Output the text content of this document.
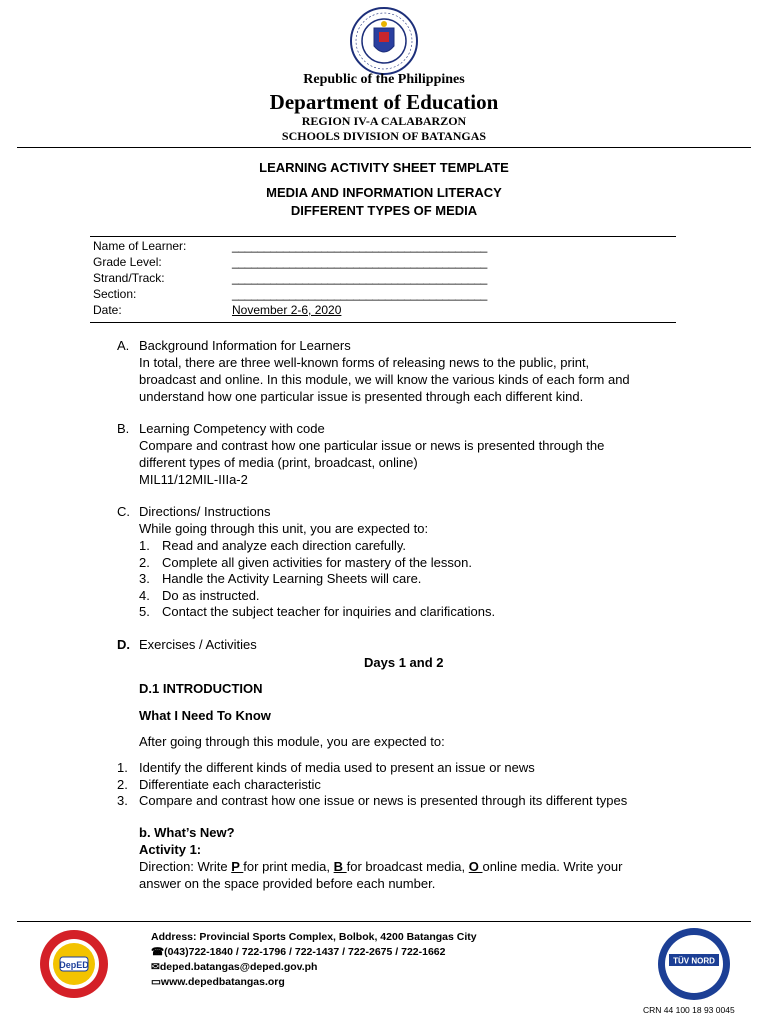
Republic of the Philippines
Department of Education
REGION IV-A CALABARZON
SCHOOLS DIVISION OF BATANGAS
LEARNING ACTIVITY SHEET TEMPLATE
MEDIA AND INFORMATION LITERACY
DIFFERENT TYPES OF MEDIA
Name of Learner:	________________________________________
Grade Level:	________________________________________
Strand/Track:	________________________________________
Section:	________________________________________
Date:	November 2-6, 2020
A. Background Information for Learners
In total, there are three well-known forms of releasing news to the public, print,
broadcast and online. In this module, we will know the various kinds of each form and
understand how one particular issue is presented through each different kind.
B. Learning Competency with code
Compare and contrast how one particular issue or news is presented through the
different types of media (print, broadcast, online)
MIL11/12MIL-IIIa-2
C. Directions/ Instructions
While going through this unit, you are expected to:
1. Read and analyze each direction carefully.
2. Complete all given activities for mastery of the lesson.
3. Handle the Activity Learning Sheets will care.
4. Do as instructed.
5. Contact the subject teacher for inquiries and clarifications.
D. Exercises / Activities
Days 1 and 2
D.1 INTRODUCTION
What I Need To Know
After going through this module, you are expected to:
1. Identify the different kinds of media used to present an issue or news
2. Differentiate each characteristic
3. Compare and contrast how one issue or news is presented through its different types
b. What’s New?
Activity 1:
Direction: Write P for print media, B for broadcast media, O online media. Write your
answer on the space provided before each number.
DepED
Address: Provincial Sports Complex, Bolbok, 4200 Batangas City
☎(043)722-1840 / 722-1796 / 722-1437 / 722-2675 / 722-1662
✉deped.batangas@deped.gov.ph
▭www.depedbatangas.org
TÜV NORD
ISO 9001
CRN 44 100 18 93 0045
